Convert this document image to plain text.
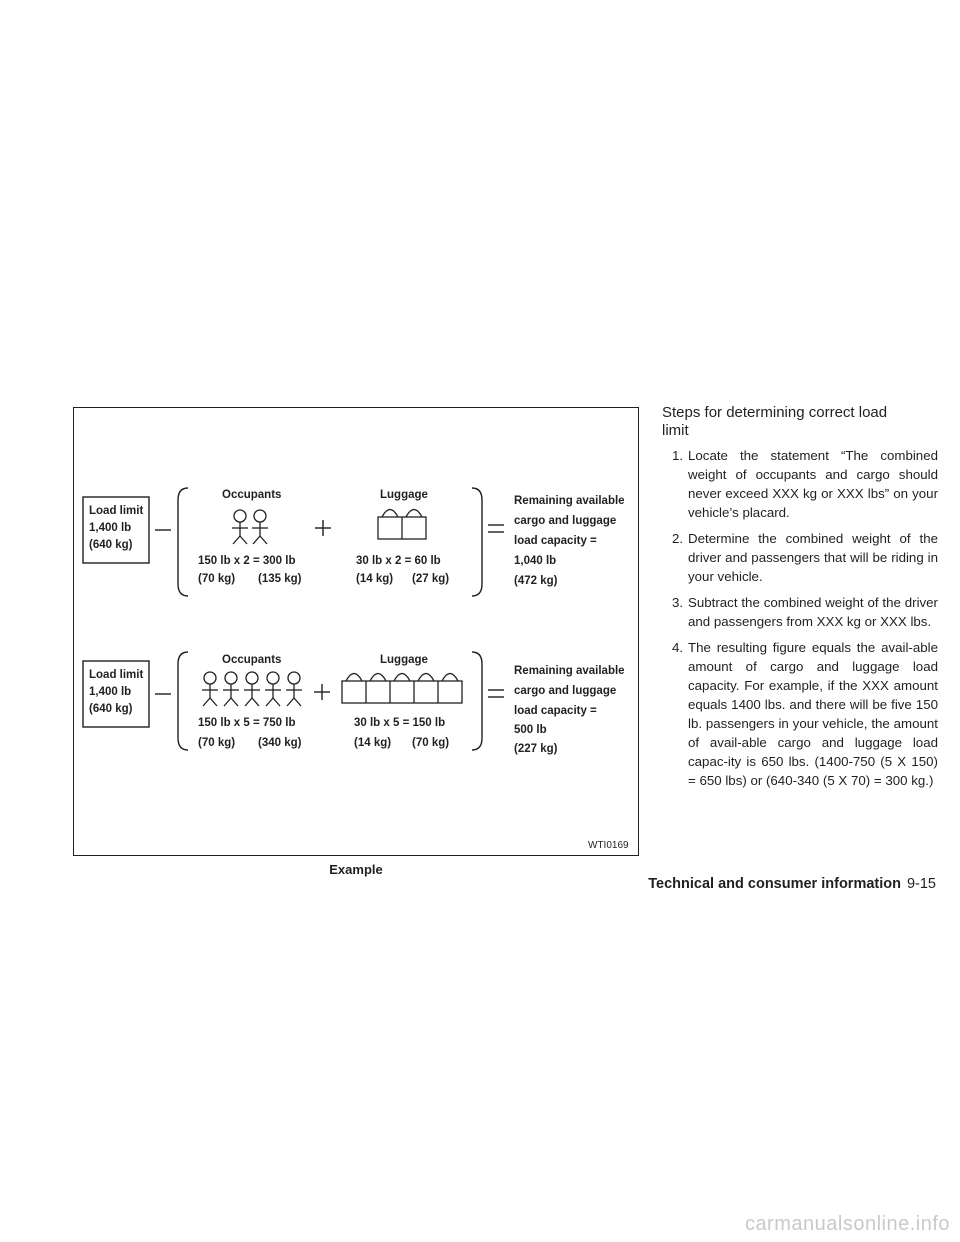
Load limit
1,400 lb
(640 kg)
Occupants
150 lb x 2 = 300 lb
(70 kg) (135 kg)
Luggage
30 lb x 2 = 60 lb
(14 kg) (27 kg)
Remaining available
cargo and luggage
load capacity =
1,040 lb
(472 kg)
Load limit
1,400 lb
(640 kg)
Occupants
150 lb x 5 = 750 lb
(70 kg) (340 kg)
Luggage
30 lb x 5 = 150 lb
(14 kg) (70 kg)
Remaining available
cargo and luggage
load capacity =
500 lb
(227 kg)
WTI0169
Example
Steps for determining correct load
limit
1. Locate the statement “The combined weight of occupants and cargo should never exceed XXX kg or XXX lbs” on your vehicle’s placard.
2. Determine the combined weight of the driver and passengers that will be riding in your vehicle.
3. Subtract the combined weight of the driver and passengers from XXX kg or XXX lbs.
4. The resulting figure equals the avail-able amount of cargo and luggage load capacity. For example, if the XXX amount equals 1400 lbs. and there will be five 150 lb. passengers in your vehicle, the amount of avail-able cargo and luggage load capac-ity is 650 lbs. (1400-750 (5 X 150) = 650 lbs) or (640-340 (5 X 70) = 300 kg.)
Technical and consumer information 9-15
carmanualsonline.info
